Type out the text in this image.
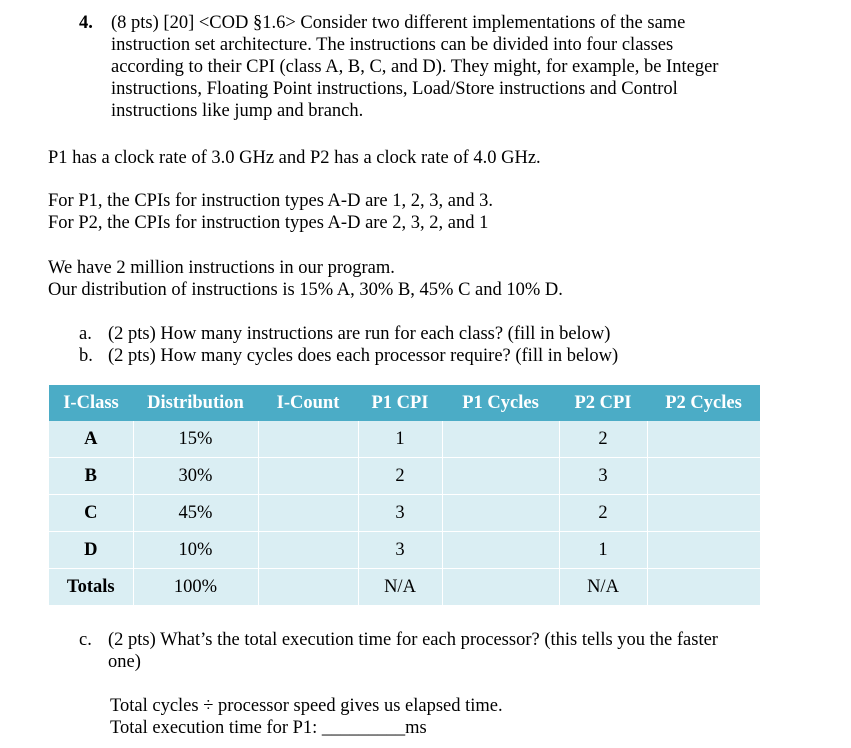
4. (8 pts) [20] <COD §1.6> Consider two different implementations of the same
instruction set architecture. The instructions can be divided into four classes
according to their CPI (class A, B, C, and D). They might, for example, be Integer
instructions, Floating Point instructions, Load/Store instructions and Control
instructions like jump and branch.
P1 has a clock rate of 3.0 GHz and P2 has a clock rate of 4.0 GHz.
For P1, the CPIs for instruction types A-D are 1, 2, 3, and 3.
For P2, the CPIs for instruction types A-D are 2, 3, 2, and 1
We have 2 million instructions in our program.
Our distribution of instructions is 15% A, 30% B, 45% C and 10% D.
a. (2 pts) How many instructions are run for each class? (fill in below)
b. (2 pts) How many cycles does each processor require? (fill in below)
I-Class	Distribution	I-Count	P1 CPI	P1 Cycles	P2 CPI	P2 Cycles
A	15%		1		2	
B	30%		2		3	
C	45%		3		2	
D	10%		3		1	
Totals	100%		N/A		N/A	
c. (2 pts) What’s the total execution time for each processor? (this tells you the faster
one)
Total cycles ÷ processor speed gives us elapsed time.
Total execution time for P1: _________ms
